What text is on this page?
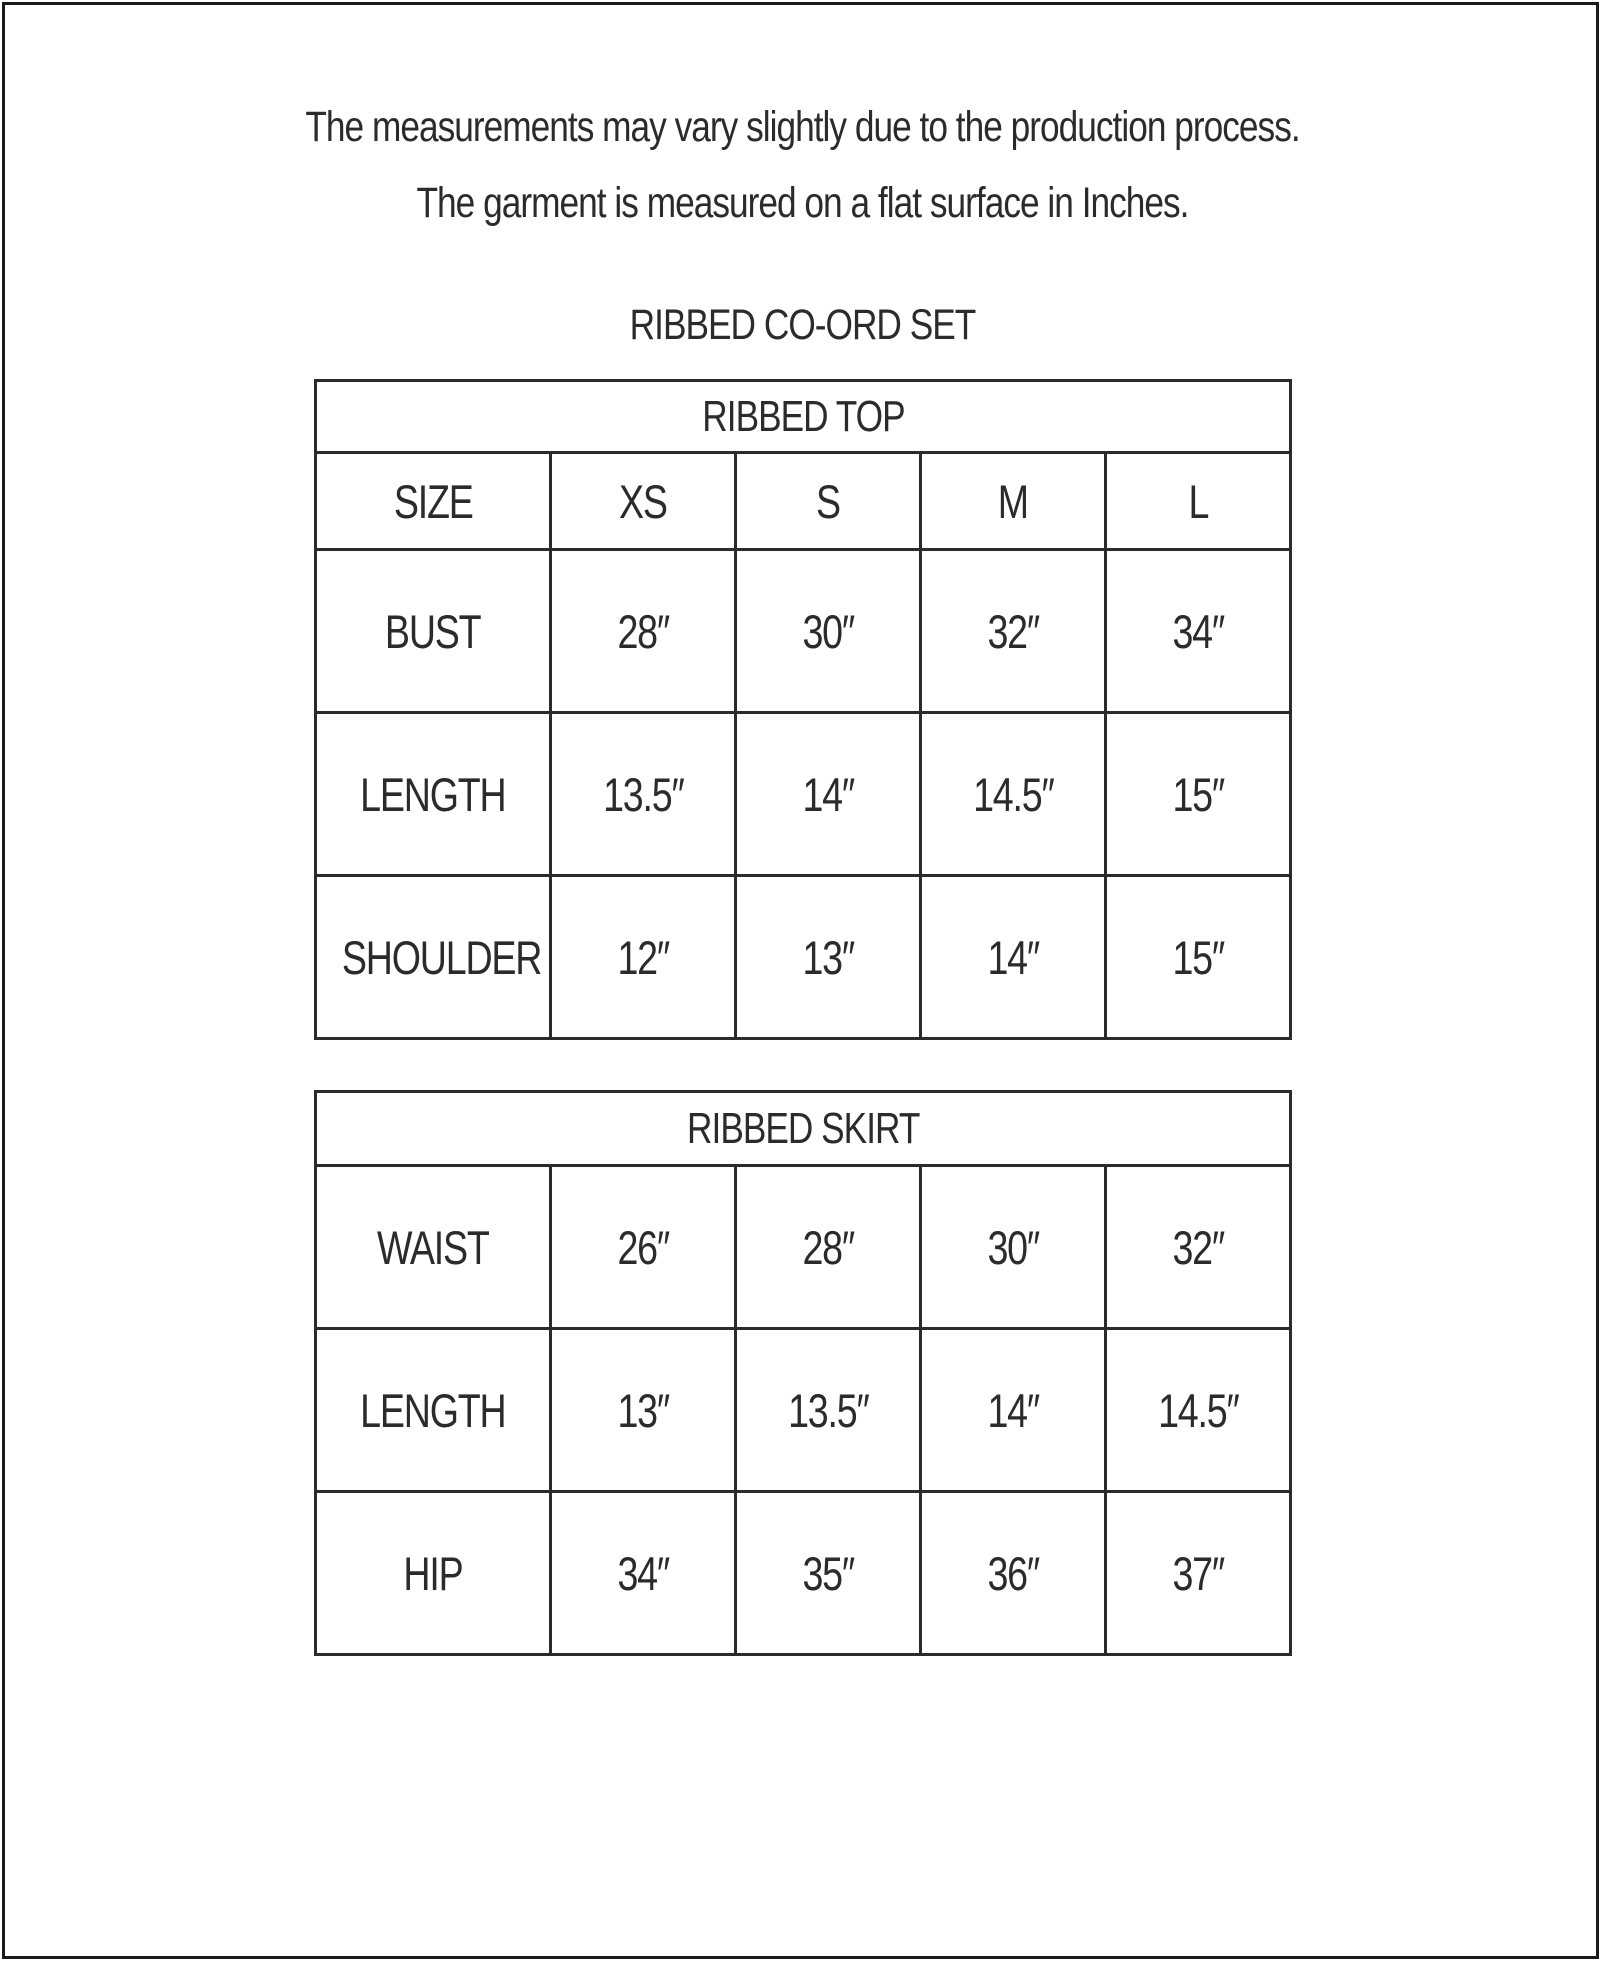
The measurements may vary slightly due to the production process.
The garment is measured on a flat surface in Inches.
RIBBED CO-ORD SET
RIBBED TOP				
SIZE	XS	S	M	L
BUST	28″	30″	32″	34″
LENGTH	13.5″	14″	14.5″	15″
SHOULDER	12″	13″	14″	15″
RIBBED SKIRT				
WAIST	26″	28″	30″	32″
LENGTH	13″	13.5″	14″	14.5″
HIP	34″	35″	36″	37″
